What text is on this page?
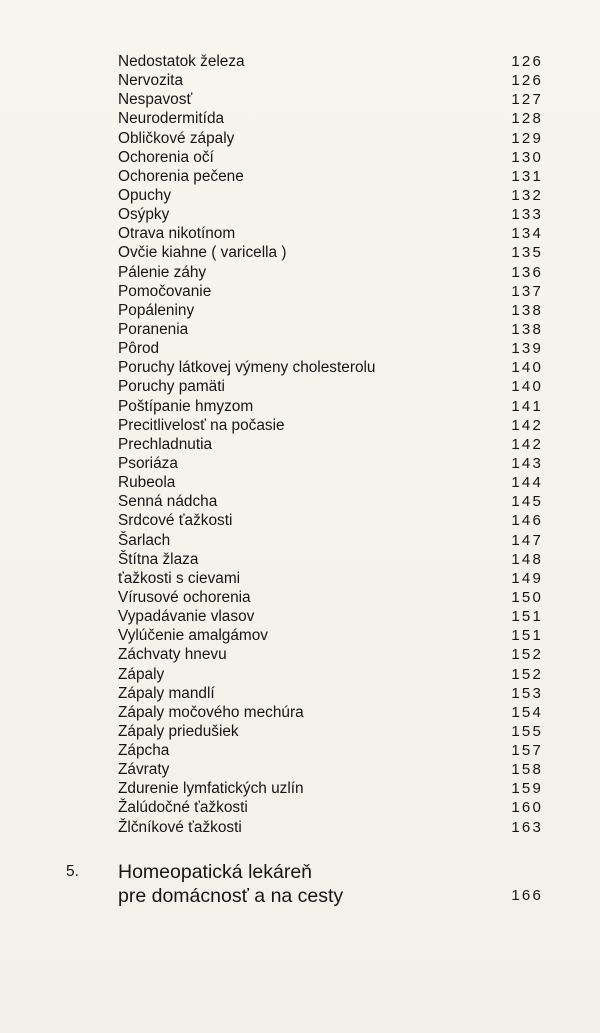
Nedostatok železa	126
Nervozita	126
Nespavosť	127
Neurodermitída	128
Obličkové zápaly	129
Ochorenia očí	130
Ochorenia pečene	131
Opuchy	132
Osýpky	133
Otrava nikotínom	134
Ovčie kiahne ( varicella )	135
Pálenie záhy	136
Pomočovanie	137
Popáleniny	138
Poranenia	138
Pôrod	139
Poruchy látkovej výmeny cholesterolu	140
Poruchy pamäti	140
Poštípanie hmyzom	141
Precitlivelosť na počasie	142
Prechladnutia	142
Psoriáza	143
Rubeola	144
Senná nádcha	145
Srdcové ťažkosti	146
Šarlach	147
Štítna žlaza	148
ťažkosti s cievami	149
Vírusové ochorenia	150
Vypadávanie vlasov	151
Vylúčenie amalgámov	151
Záchvaty hnevu	152
Zápaly	152
Zápaly mandlí	153
Zápaly močového mechúra	154
Zápaly priedušiek	155
Zápcha	157
Závraty	158
Zdurenie lymfatických uzlín	159
Žalúdočné ťažkosti	160
Žlčníkové ťažkosti	163
5. Homeopatická lekáreň
pre domácnosť a na cesty	166
